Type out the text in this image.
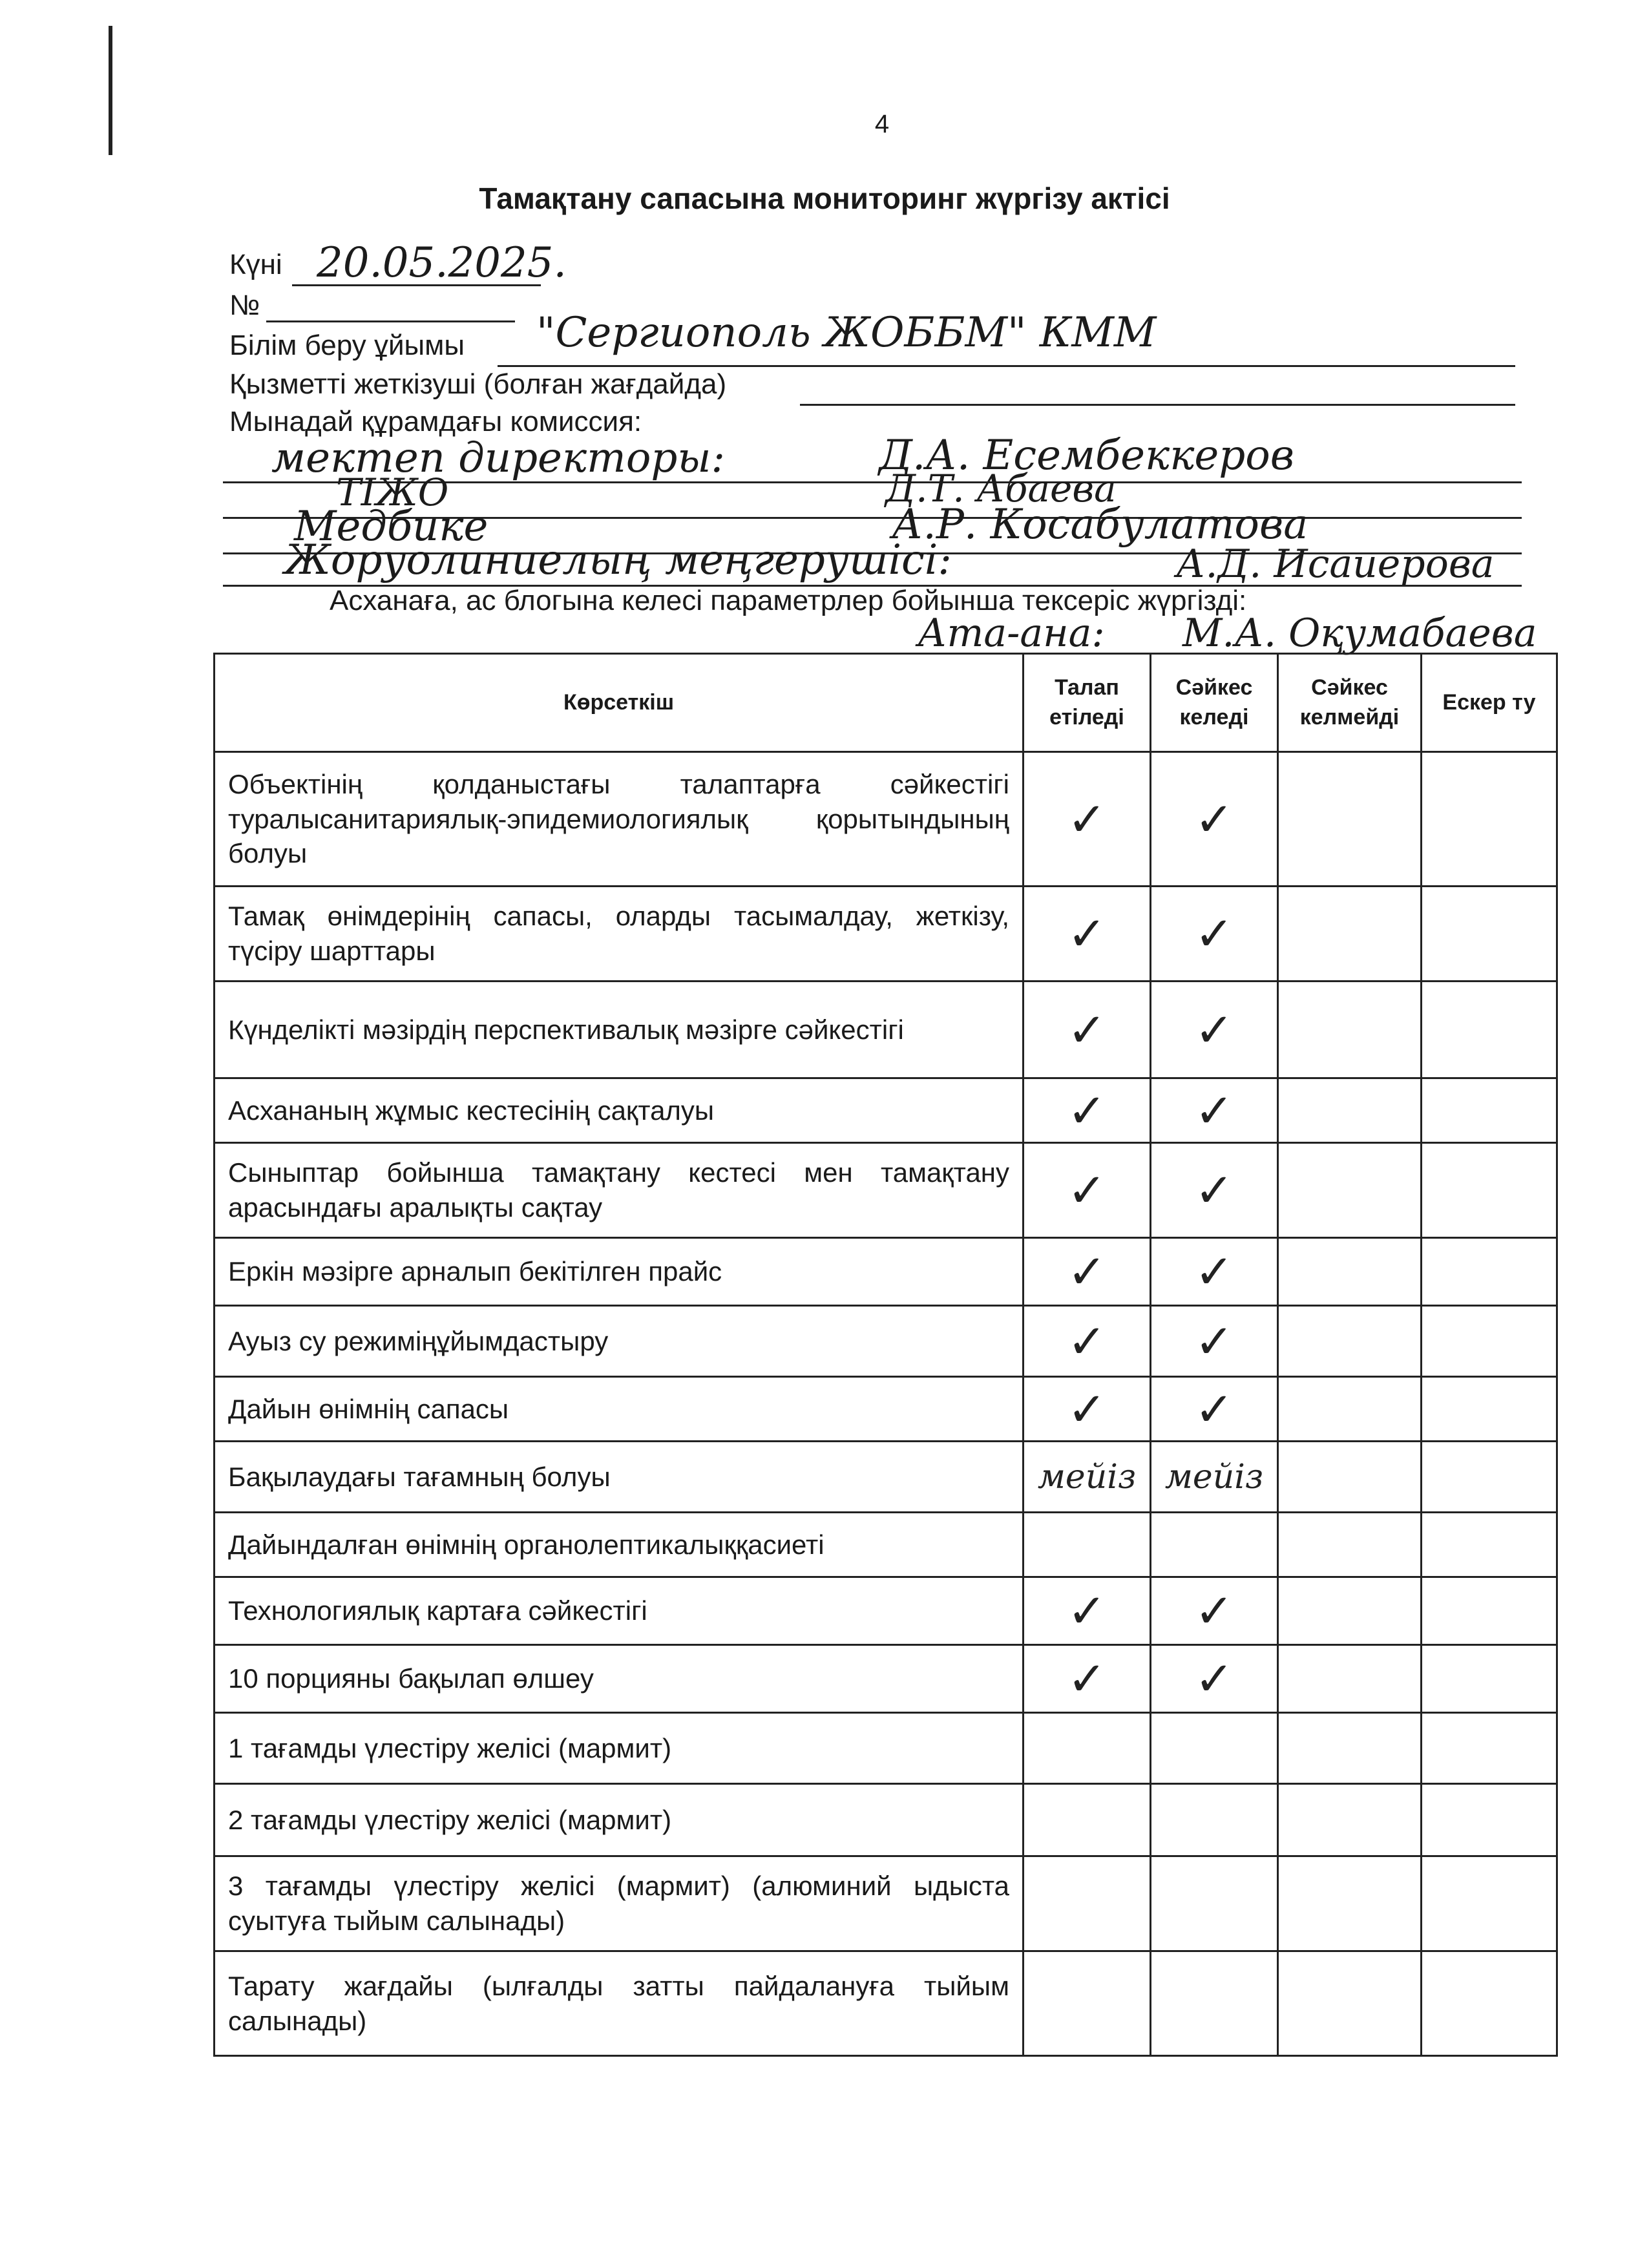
4
Тамақтану сапасына мониторинг жүргізу актісі
Күні 20.05.2025.
№
Білім беру ұйымы "Сергиополь ЖОББМ" КММ
Қызметті жеткізуші (болған жағдайда)
Мынадай құрамдағы комиссия:
мектеп директоры:	Д.А. Есембеккеров
ТІЖО	Д.Т. Абаева
Медбике	А.Р. Косабулатова
Жоруолиниелың меңгерушісі:	А.Д. Исаиерова
Асханаға, ас блогына келесі параметрлер бойынша тексеріс жүргізді:
Ата-ана: М.А. Оқумабаева
Көрсеткіш	Талап етіледі	Сәйкес келеді	Сәйкес келмейді	Ескер ту
Объектінің қолданыстағы талаптарға сәйкестігі туралысанитариялық-эпидемиологиялық қорытындының болуы	✓	✓		
Тамақ өнімдерінің сапасы, оларды тасымалдау, жеткізу, түсіру шарттары	✓	✓		
Күнделікті мәзірдің перспективалық мәзірге сәйкестігі	✓	✓		
Асхананың жұмыс кестесінің сақталуы	✓	✓		
Сыныптар бойынша тамақтану кестесі мен тамақтану арасындағы аралықты сақтау	✓	✓		
Еркін мәзірге арналып бекітілген прайс	✓	✓		
Ауыз су режиміңұйымдастыру	✓	✓		
Дайын өнімнің сапасы	✓	✓		
Бақылаудағы тағамның болуы	мейіз	мейіз		
Дайындалған өнімнің органолептикалыққасиеті				
Технологиялық картаға сәйкестігі	✓	✓		
10 порцияны бақылап өлшеу	✓	✓		
1 тағамды үлестіру желісі (мармит)				
2 тағамды үлестіру желісі (мармит)				
3 тағамды үлестіру желісі (мармит) (алюминий ыдыста суытуға тыйым салынады)				
Тарату жағдайы (ылғалды затты пайдалануға тыйым салынады)				
